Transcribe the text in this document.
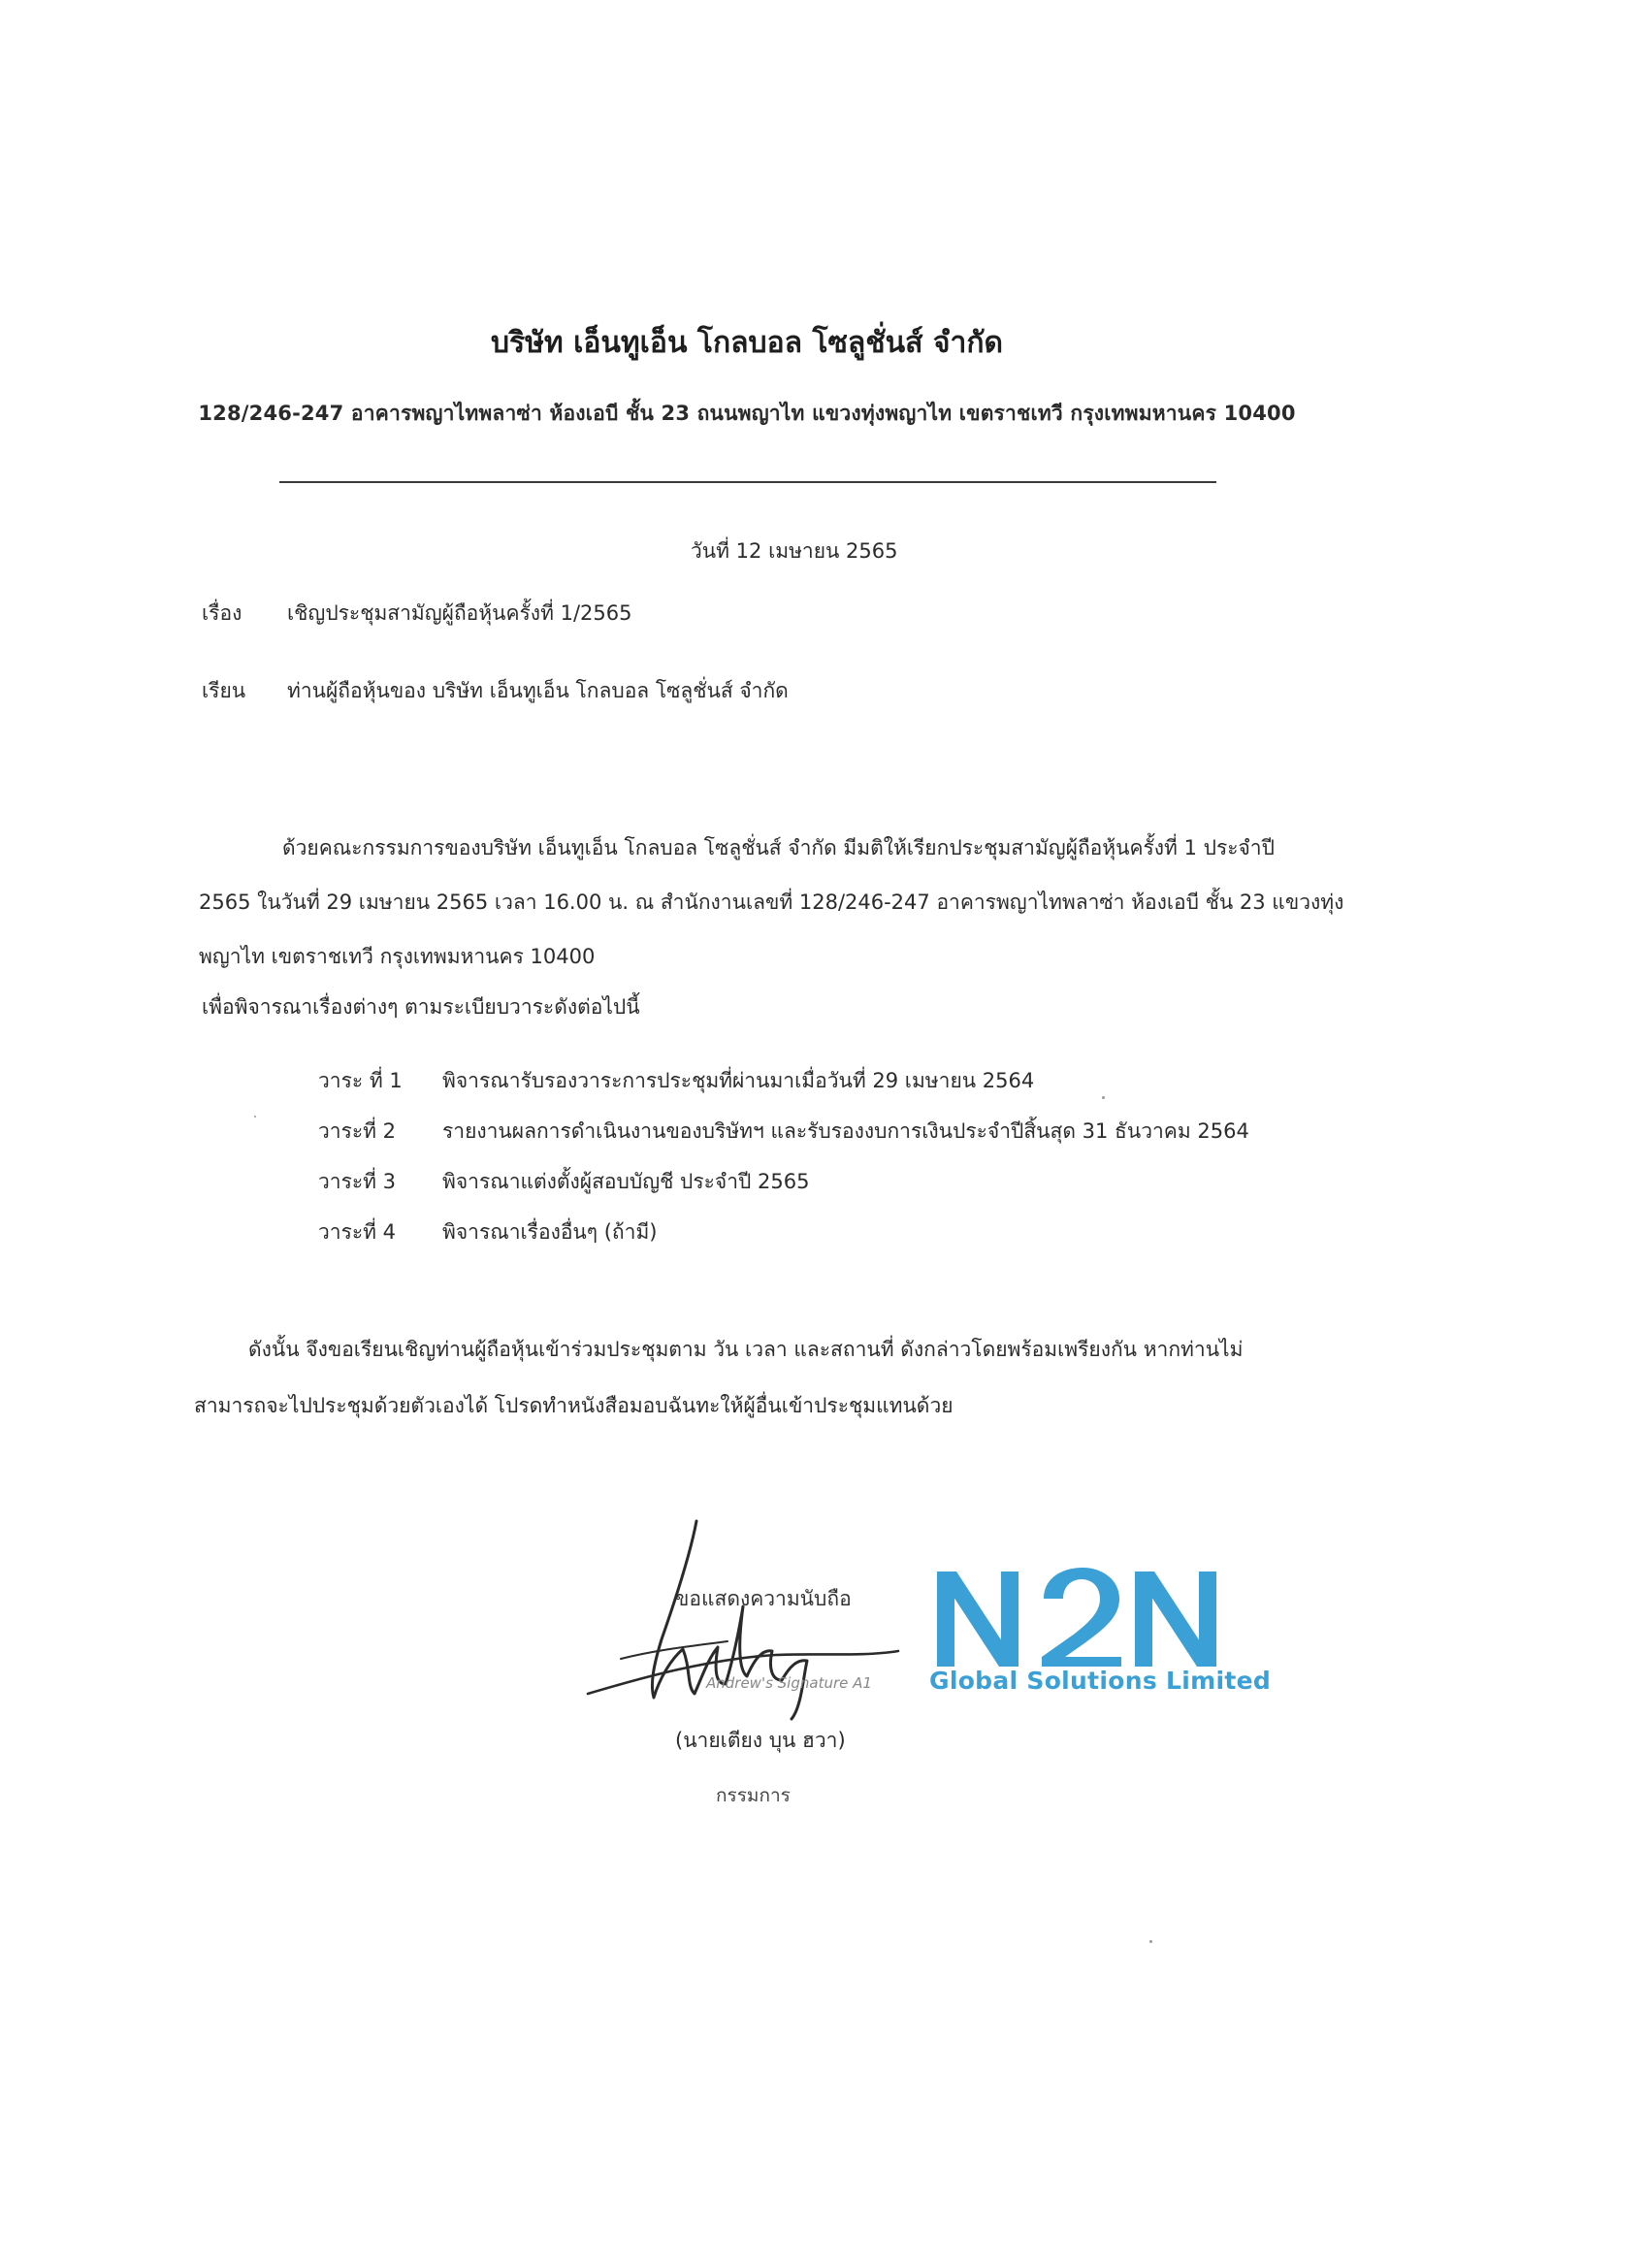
บริษัท เอ็นทูเอ็น โกลบอล โซลูชั่นส์ จำกัด
128/246-247 อาคารพญาไทพลาซ่า ห้องเอบี ชั้น 23 ถนนพญาไท แขวงทุ่งพญาไท เขตราชเทวี กรุงเทพมหานคร 10400
วันที่ 12 เมษายน 2565
เรื่อง เชิญประชุมสามัญผู้ถือหุ้นครั้งที่ 1/2565
เรียน ท่านผู้ถือหุ้นของ บริษัท เอ็นทูเอ็น โกลบอล โซลูชั่นส์ จำกัด
ด้วยคณะกรรมการของบริษัท เอ็นทูเอ็น โกลบอล โซลูชั่นส์ จำกัด มีมติให้เรียกประชุมสามัญผู้ถือหุ้นครั้งที่ 1 ประจำปี
2565 ในวันที่ 29 เมษายน 2565 เวลา 16.00 น. ณ สำนักงานเลขที่ 128/246-247 อาคารพญาไทพลาซ่า ห้องเอบี ชั้น 23 แขวงทุ่ง
พญาไท เขตราชเทวี กรุงเทพมหานคร 10400
เพื่อพิจารณาเรื่องต่างๆ ตามระเบียบวาระดังต่อไปนี้
วาระ ที่ 1	พิจารณารับรองวาระการประชุมที่ผ่านมาเมื่อวันที่ 29 เมษายน 2564
วาระที่ 2	รายงานผลการดำเนินงานของบริษัทฯ และรับรองงบการเงินประจำปีสิ้นสุด 31 ธันวาคม 2564
วาระที่ 3	พิจารณาแต่งตั้งผู้สอบบัญชี ประจำปี 2565
วาระที่ 4	พิจารณาเรื่องอื่นๆ (ถ้ามี)
ดังนั้น จึงขอเรียนเชิญท่านผู้ถือหุ้นเข้าร่วมประชุมตาม วัน เวลา และสถานที่ ดังกล่าวโดยพร้อมเพรียงกัน หากท่านไม่
สามารถจะไปประชุมด้วยตัวเองได้ โปรดทำหนังสือมอบฉันทะให้ผู้อื่นเข้าประชุมแทนด้วย
ขอแสดงความนับถือ
Andrew's Signature A1
(นายเตียง บุน ฮวา)
กรรมการ
Global Solutions Limited
